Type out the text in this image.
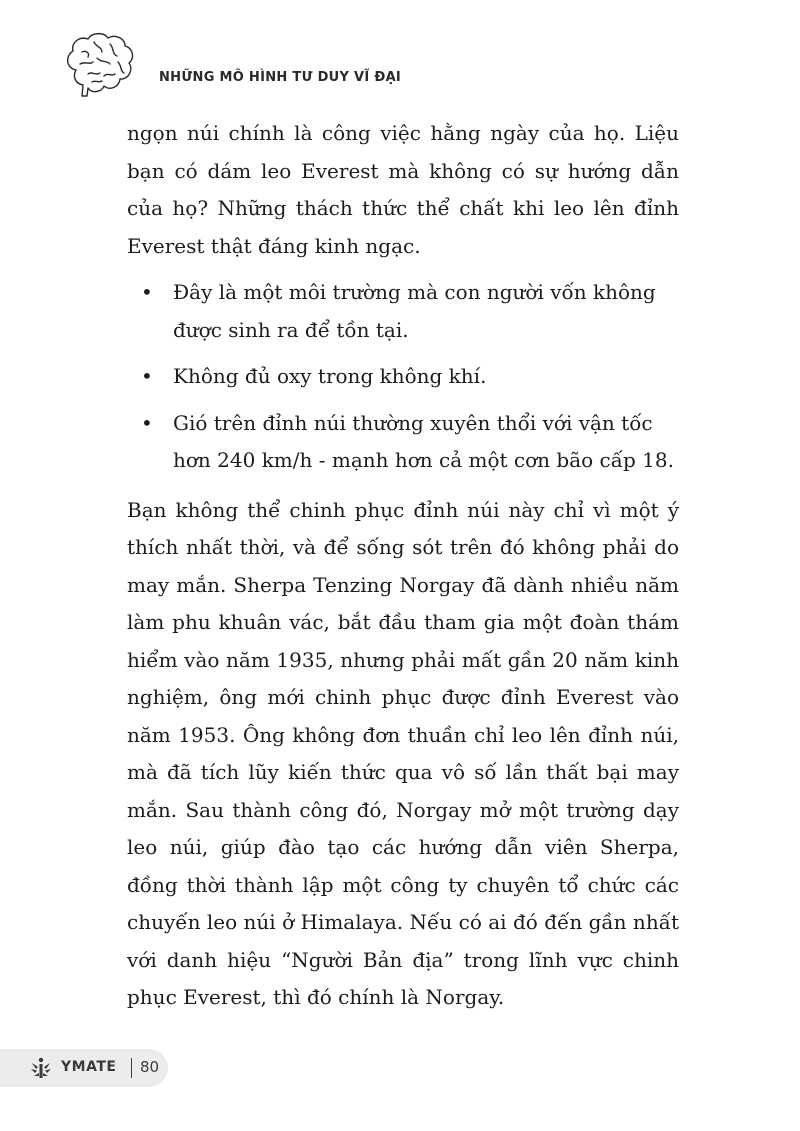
NHỮNG MÔ HÌNH TƯ DUY VĨ ĐẠI

ngọn núi chính là công việc hằng ngày của họ. Liệu bạn có dám leo Everest mà không có sự hướng dẫn của họ? Những thách thức thể chất khi leo lên đỉnh Everest thật đáng kinh ngạc.

• Đây là một môi trường mà con người vốn không được sinh ra để tồn tại.
• Không đủ oxy trong không khí.
• Gió trên đỉnh núi thường xuyên thổi với vận tốc hơn 240 km/h - mạnh hơn cả một cơn bão cấp 18.

Bạn không thể chinh phục đỉnh núi này chỉ vì một ý thích nhất thời, và để sống sót trên đó không phải do may mắn. Sherpa Tenzing Norgay đã dành nhiều năm làm phu khuân vác, bắt đầu tham gia một đoàn thám hiểm vào năm 1935, nhưng phải mất gần 20 năm kinh nghiệm, ông mới chinh phục được đỉnh Everest vào năm 1953. Ông không đơn thuần chỉ leo lên đỉnh núi, mà đã tích lũy kiến thức qua vô số lần thất bại may mắn. Sau thành công đó, Norgay mở một trường dạy leo núi, giúp đào tạo các hướng dẫn viên Sherpa, đồng thời thành lập một công ty chuyên tổ chức các chuyến leo núi ở Himalaya. Nếu có ai đó đến gần nhất với danh hiệu “Người Bản địa” trong lĩnh vực chinh phục Everest, thì đó chính là Norgay.

YMATE 80
